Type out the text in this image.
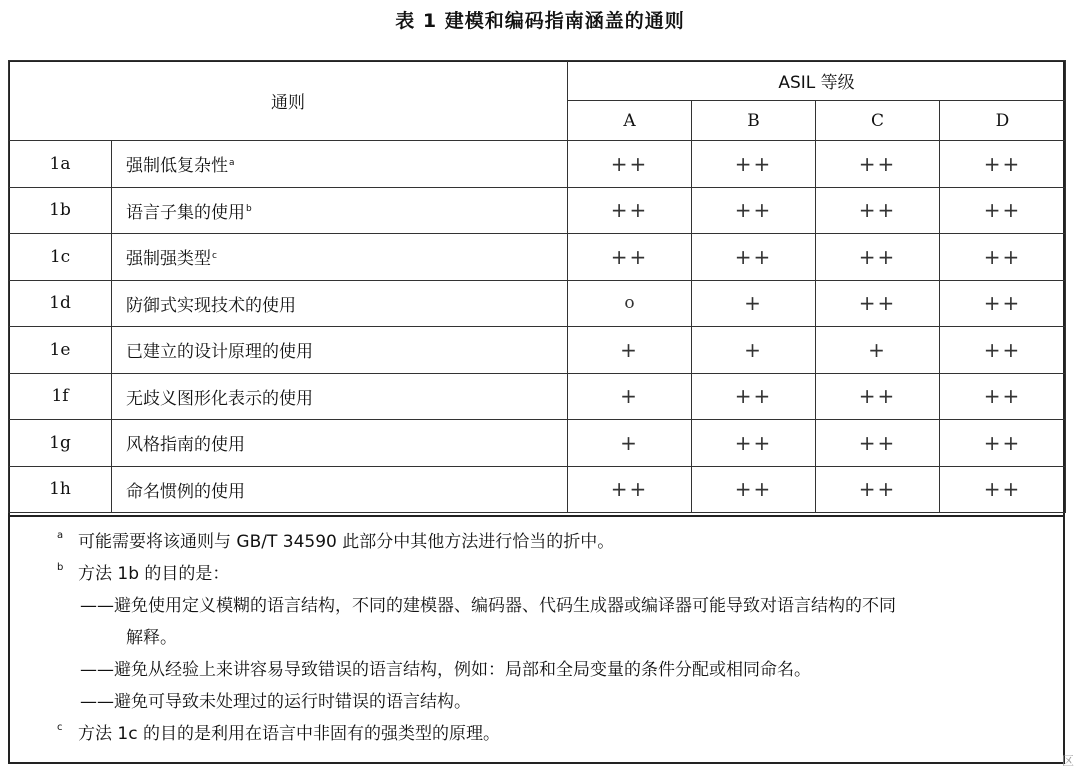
表 1 建模和编码指南涵盖的通则
通则		ASIL 等级			
		A	B	C	D
1a	强制低复杂性$^a$	++	++	++	++
1b	语言子集的使用$^b$	++	++	++	++
1c	强制强类型$^c$	++	++	++	++
1d	防御式实现技术的使用	o	+	++	++
1e	已建立的设计原理的使用	+	+	+	++
1f	无歧义图形化表示的使用	+	++	++	++
1g	风格指南的使用	+	++	++	++
1h	命名惯例的使用	++	++	++	++
a 可能需要将该通则与 GB/T 34590 此部分中其他方法进行恰当的折中。
b 方法 1b 的目的是：
——避免使用定义模糊的语言结构，不同的建模器、编码器、代码生成器或编译器可能导致对语言结构的不同
解释。
——避免从经验上来讲容易导致错误的语言结构，例如：局部和全局变量的条件分配或相同命名。
——避免可导致未处理过的运行时错误的语言结构。
c 方法 1c 的目的是利用在语言中非固有的强类型的原理。
区
